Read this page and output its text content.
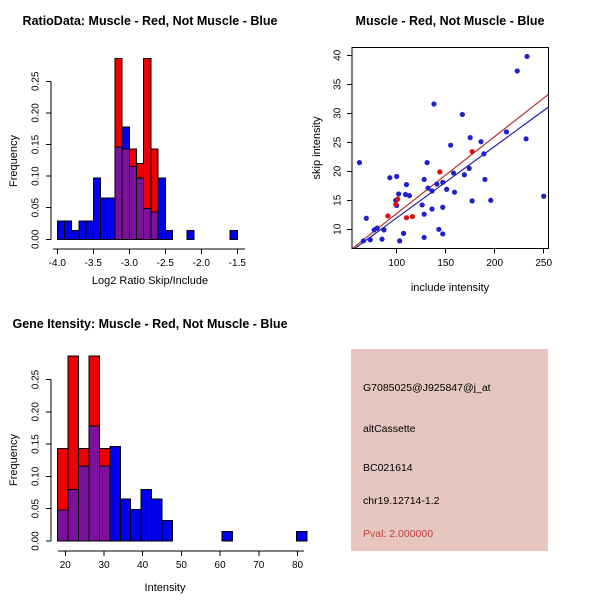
0.00
0.05
0.10
0.15
0.20
0.25
-4.0 -3.5 -3.0 -2.5 -2.0 -1.5	100	150	200	250
10
15
20
25
30
35
40
0.00
0.05
0.10
0.15
0.20
0.25
20	30	40	50	60	70	80
RatioData: Muscle - Red, Not Muscle - Blue	Muscle - Red, Not Muscle - Blue
Gene Itensity: Muscle - Red, Not Muscle - Blue
Frequency
Log2 Ratio Skip/Include
skip intensity
include intensity
Frequency
Intensity
G7085025@J925847@j_at
altCassette
BC021614
chr19.12714-1.2
Pval: 2.000000
